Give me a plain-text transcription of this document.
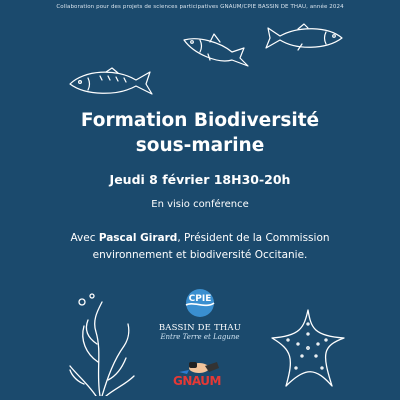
Collaboration pour des projets de sciences participatives GNAUM/CPIE BASSIN DE THAU, année 2024
Formation Biodiversité
sous-marine
Jeudi 8 février 18H30-20h
En visio conférence
Avec Pascal Girard, Président de la Commission environnement et biodiversité Occitanie.
CPIE
BASSIN DE THAU
Entre Terre et Lagune
GNAUM
